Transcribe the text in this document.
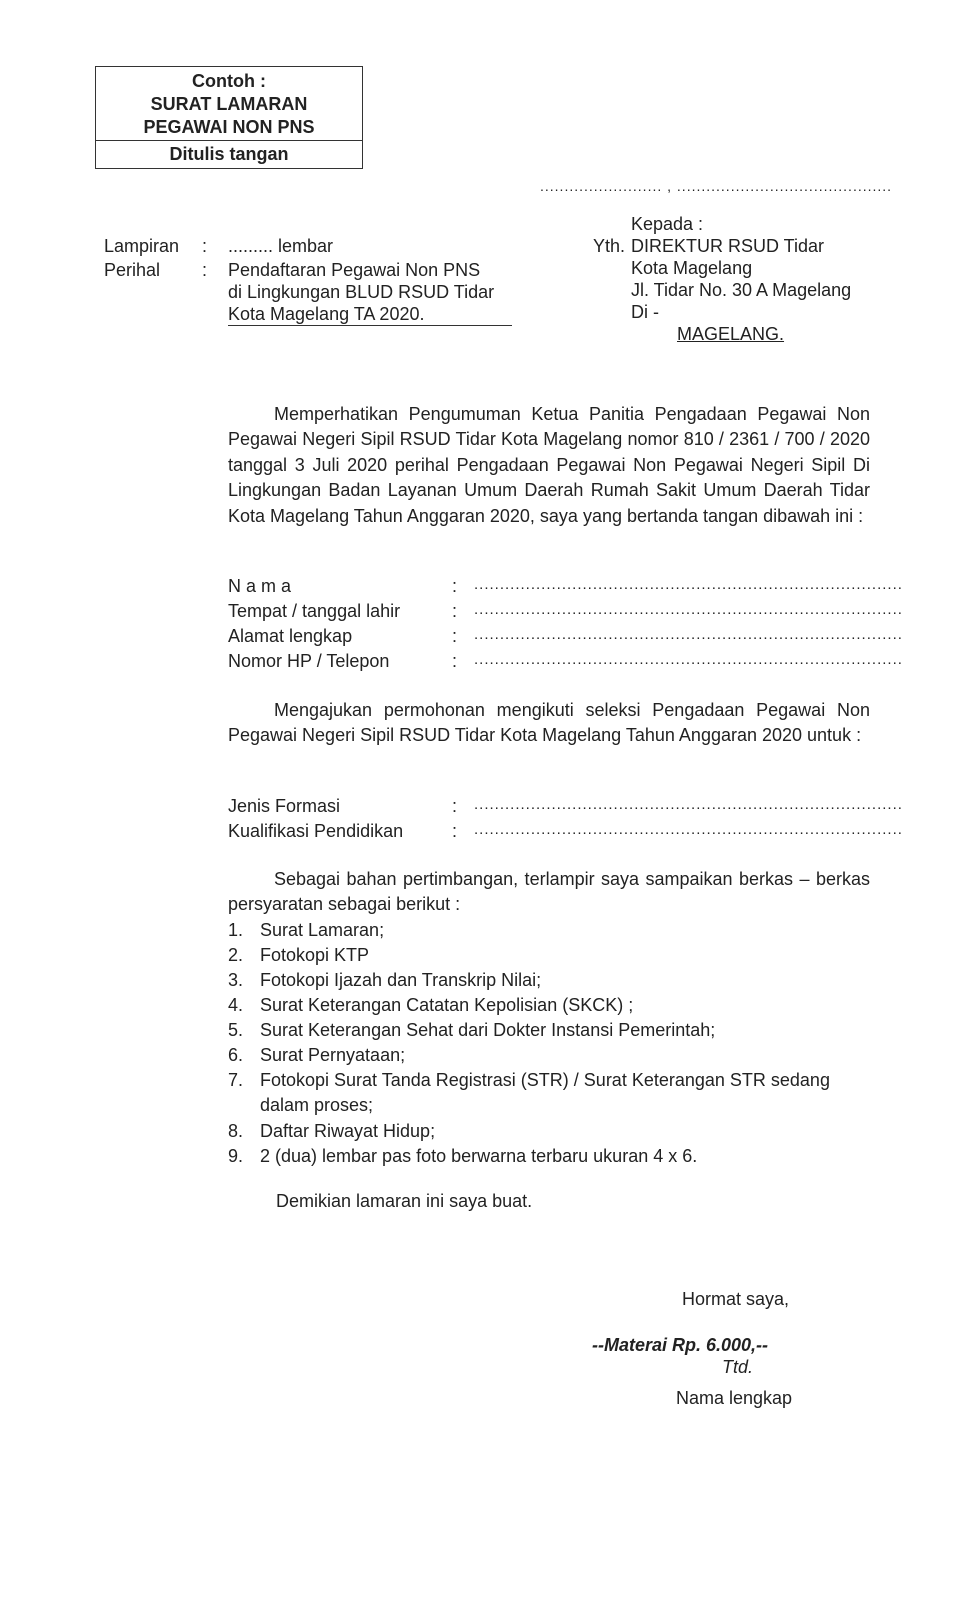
Contoh :
SURAT LAMARAN
PEGAWAI NON PNS
Ditulis tangan
......................... , ............................................
Lampiran : ......... lembar
Perihal : Pendaftaran Pegawai Non PNS
di Lingkungan BLUD RSUD Tidar
Kota Magelang TA 2020.
Kepada :
Yth. DIREKTUR RSUD Tidar
Kota Magelang
Jl. Tidar No. 30 A Magelang
Di -
MAGELANG.
Memperhatikan Pengumuman Ketua Panitia Pengadaan Pegawai Non Pegawai Negeri Sipil RSUD Tidar Kota Magelang nomor 810 / 2361 / 700 / 2020 tanggal 3 Juli 2020 perihal Pengadaan Pegawai Non Pegawai Negeri Sipil Di Lingkungan Badan Layanan Umum Daerah Rumah Sakit Umum Daerah Tidar Kota Magelang Tahun Anggaran 2020, saya yang bertanda tangan dibawah ini :
N a m a	: ...................................................................................
Tempat / tanggal lahir	: ...................................................................................
Alamat lengkap	: ...................................................................................
Nomor HP / Telepon	: ...................................................................................
Mengajukan permohonan mengikuti seleksi Pengadaan Pegawai Non Pegawai Negeri Sipil RSUD Tidar Kota Magelang Tahun Anggaran 2020 untuk :
Jenis Formasi	: ...................................................................................
Kualifikasi Pendidikan	: ...................................................................................
Sebagai bahan pertimbangan, terlampir saya sampaikan berkas – berkas persyaratan sebagai berikut :
1. Surat Lamaran;
2. Fotokopi KTP
3. Fotokopi Ijazah dan Transkrip Nilai;
4. Surat Keterangan Catatan Kepolisian (SKCK) ;
5. Surat Keterangan Sehat dari Dokter Instansi Pemerintah;
6. Surat Pernyataan;
7. Fotokopi Surat Tanda Registrasi (STR) / Surat Keterangan STR sedang dalam proses;
8. Daftar Riwayat Hidup;
9. 2 (dua) lembar pas foto berwarna terbaru ukuran 4 x 6.
Demikian lamaran ini saya buat.
Hormat saya,
--Materai Rp. 6.000,--
Ttd.
Nama lengkap
